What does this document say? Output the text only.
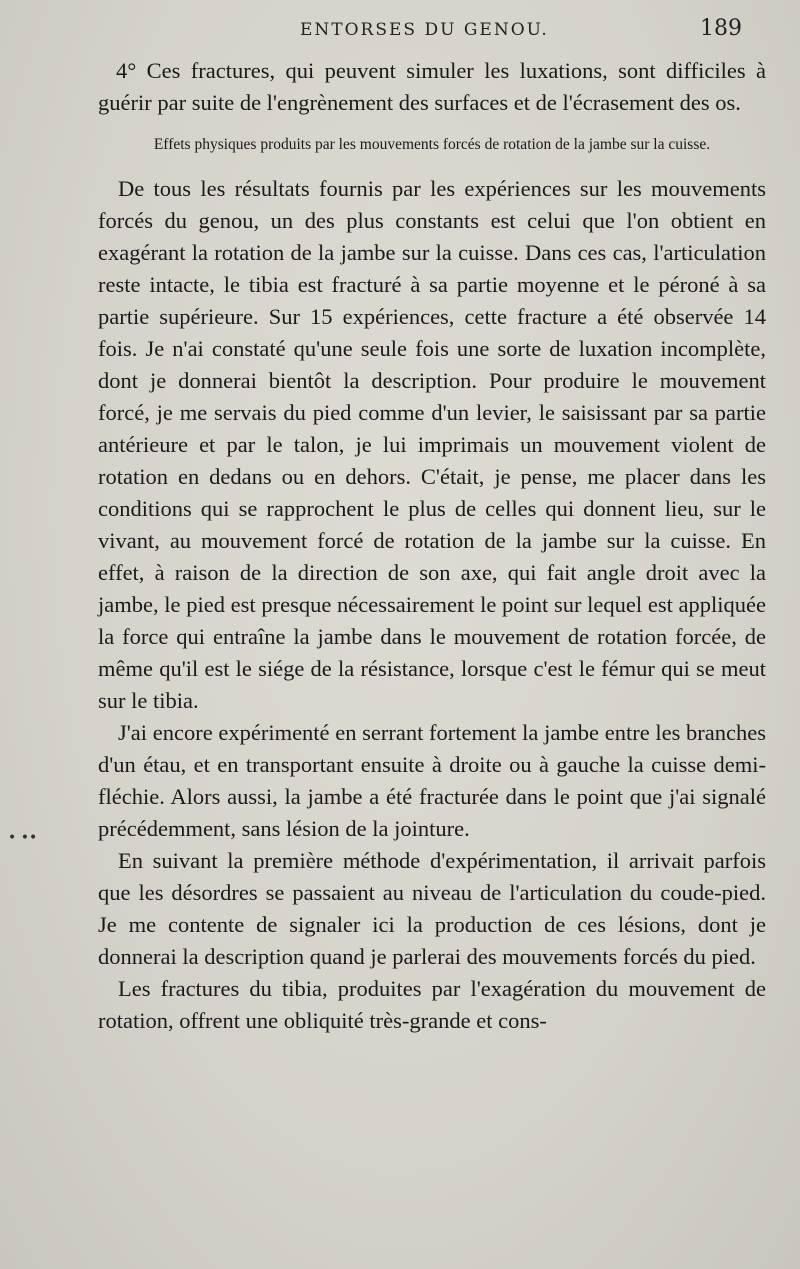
ENTORSES DU GENOU.	189

4° Ces fractures, qui peuvent simuler les luxations, sont difficiles à guérir par suite de l'engrènement des surfaces et de l'écrasement des os.

Effets physiques produits par les mouvements forcés de rotation de la jambe sur la cuisse.

De tous les résultats fournis par les expériences sur les mouvements forcés du genou, un des plus constants est celui que l'on obtient en exagérant la rotation de la jambe sur la cuisse. Dans ces cas, l'articulation reste intacte, le tibia est fracturé à sa partie moyenne et le péroné à sa partie supérieure. Sur 15 expériences, cette fracture a été observée 14 fois. Je n'ai constaté qu'une seule fois une sorte de luxation incomplète, dont je donnerai bientôt la description. Pour produire le mouvement forcé, je me servais du pied comme d'un levier, le saisissant par sa partie antérieure et par le talon, je lui imprimais un mouvement violent de rotation en dedans ou en dehors. C'était, je pense, me placer dans les conditions qui se rapprochent le plus de celles qui donnent lieu, sur le vivant, au mouvement forcé de rotation de la jambe sur la cuisse. En effet, à raison de la direction de son axe, qui fait angle droit avec la jambe, le pied est presque nécessairement le point sur lequel est appliquée la force qui entraîne la jambe dans le mouvement de rotation forcée, de même qu'il est le siége de la résistance, lorsque c'est le fémur qui se meut sur le tibia.

J'ai encore expérimenté en serrant fortement la jambe entre les branches d'un étau, et en transportant ensuite à droite ou à gauche la cuisse demi-fléchie. Alors aussi, la jambe a été fracturée dans le point que j'ai signalé précédemment, sans lésion de la jointure.

En suivant la première méthode d'expérimentation, il arrivait parfois que les désordres se passaient au niveau de l'articulation du coude-pied. Je me contente de signaler ici la production de ces lésions, dont je donnerai la description quand je parlerai des mouvements forcés du pied.

Les fractures du tibia, produites par l'exagération du mouvement de rotation, offrent une obliquité très-grande et cons-

• ••
